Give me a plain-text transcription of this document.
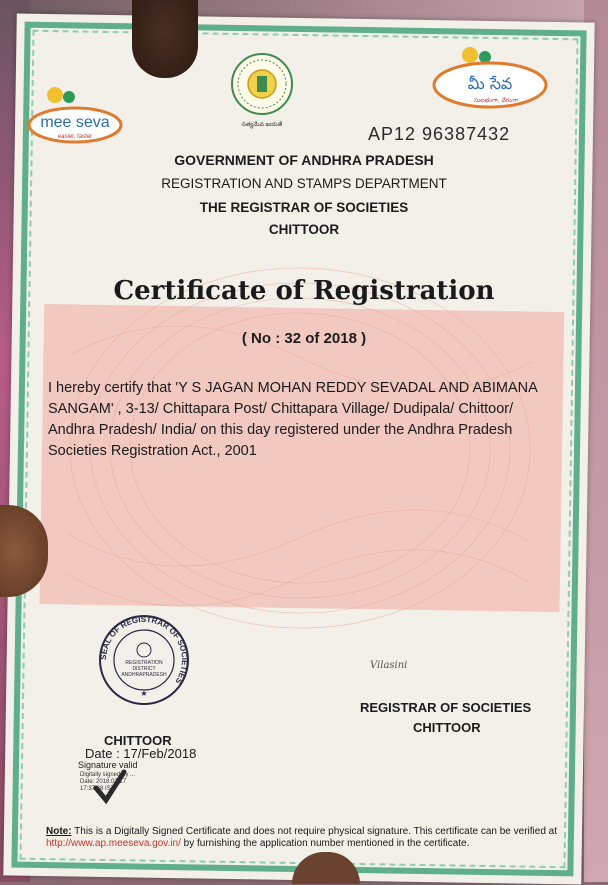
mee seva
easier, faster
సత్యమేవ జయతే
మీ సేవ
సులభంగా, వేగంగా
AP12 96387432
GOVERNMENT OF ANDHRA PRADESH
REGISTRATION AND STAMPS DEPARTMENT
THE REGISTRAR OF SOCIETIES
CHITTOOR
Certificate of Registration
( No : 32 of 2018 )
I hereby certify that 'Y S JAGAN MOHAN REDDY SEVADAL AND ABIMANA SANGAM' , 3-13/ Chittapara Post/ Chittapara Village/ Dudipala/ Chittoor/ Andhra Pradesh/ India/ on this day registered under the Andhra Pradesh Societies Registration Act., 2001
SEAL OF REGISTRAR OF SOCIETIES
REGISTRATION DISTRICT ANDHRAPRADESH
★
Vilasini
REGISTRAR OF SOCIETIES
CHITTOOR
CHITTOOR
Date : 17/Feb/2018
Signature valid
Digitally signed by ... Date: 2018.02.17 17:37:38 IST
Note: This is a Digitally Signed Certificate and does not require physical signature. This certificate can be verified at http://www.ap.meeseva.gov.in/ by furnishing the application number mentioned in the certificate.
